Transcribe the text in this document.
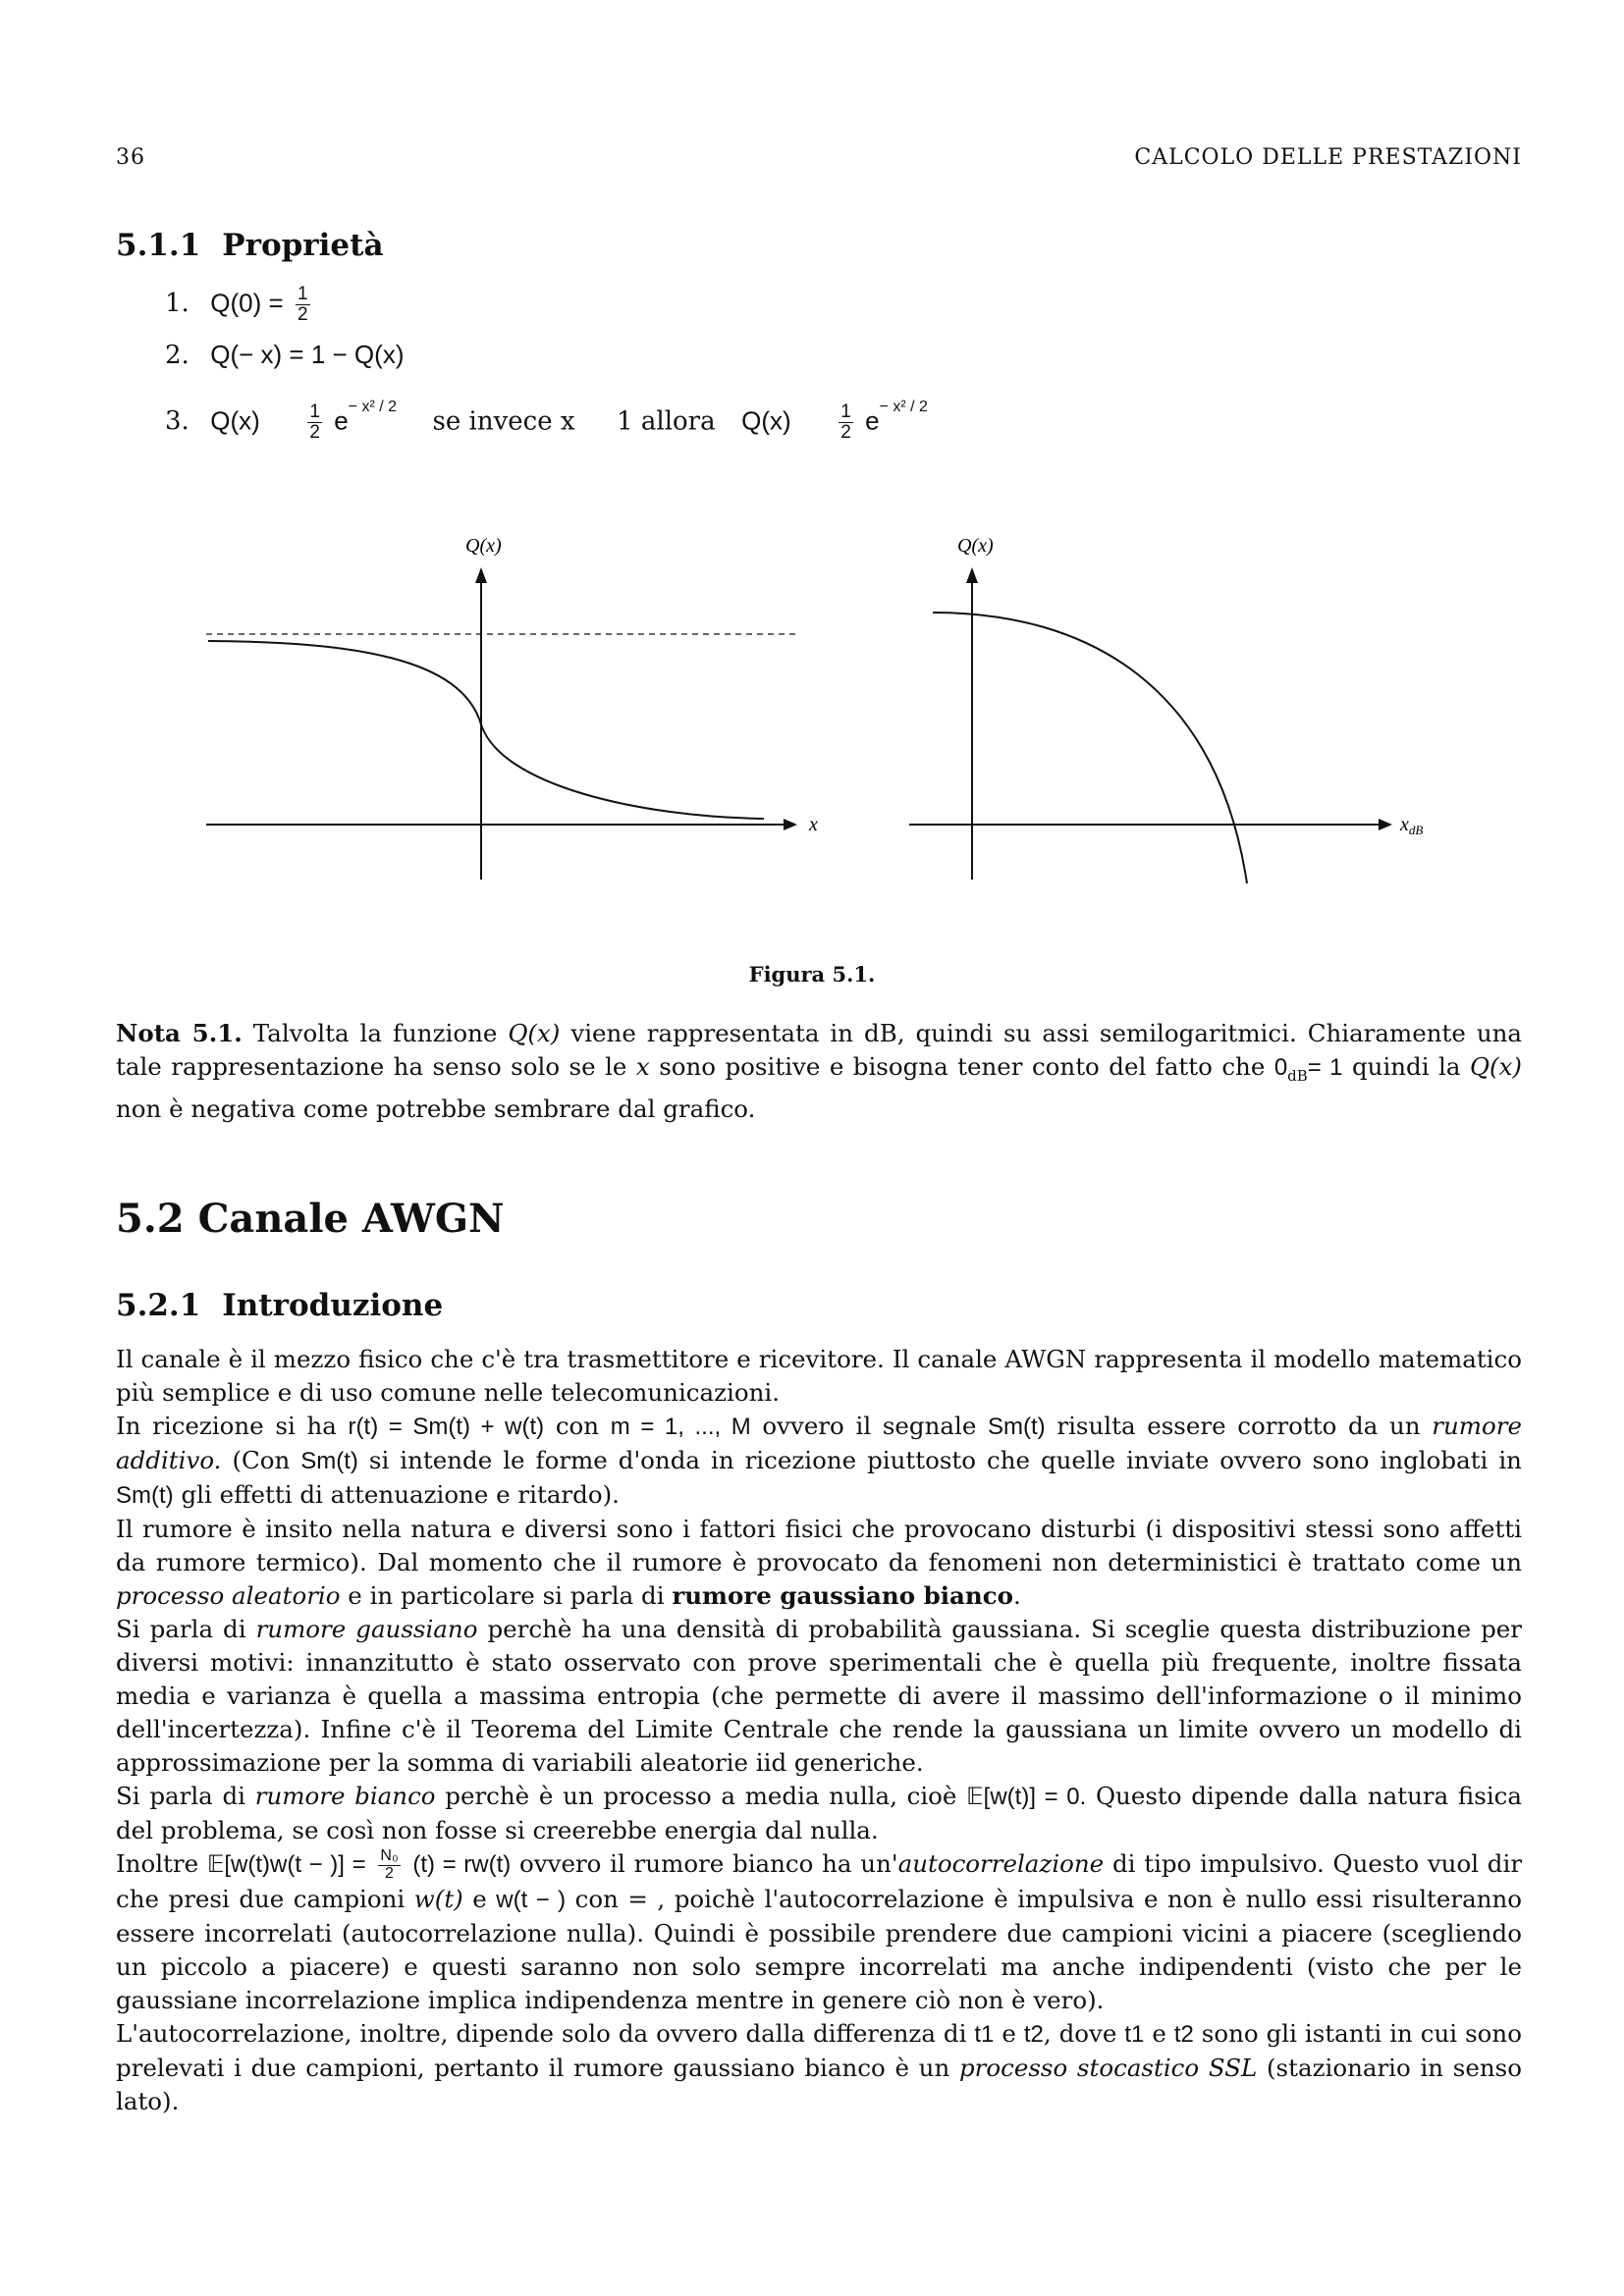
36	CALCOLO DELLE PRESTAZIONI
5.1.1 Proprietà
1. $Q(0) = \frac{1}{2}$
2. Q(− x) = 1 − Q(x)
3. Q(x)	$\frac{1}{2} e^{- x^2 / 2}$ se invece x 1 allora Q(x)	$\frac{1}{2} e^{- x^2 / 2}$
Q(x)
x
Q(x)
$x_{dB}$
Figura 5.1.

Nota 5.1. Talvolta la funzione Q(x) viene rappresentata in dB, quindi su assi semilogaritmici. Chiaramente una tale rappresentazione ha senso solo se le x sono positive e bisogna tener conto del fatto che $0_{dB}= 1$ quindi la Q(x) non è negativa come potrebbe sembrare dal grafico.

5.2 Canale AWGN
5.2.1 Introduzione

Il canale è il mezzo fisico che c'è tra trasmettitore e ricevitore. Il canale AWGN rappresenta il modello matematico più semplice e di uso comune nelle telecomunicazioni.

In ricezione si ha r(t) = Sm(t) + w(t) con m = 1, ..., M ovvero il segnale Sm(t) risulta essere corrotto da un rumore additivo. (Con Sm(t) si intende le forme d'onda in ricezione piuttosto che quelle inviate ovvero sono inglobati in Sm(t) gli effetti di attenuazione e ritardo).

Il rumore è insito nella natura e diversi sono i fattori fisici che provocano disturbi (i dispositivi stessi sono affetti da rumore termico). Dal momento che il rumore è provocato da fenomeni non deterministici è trattato come un processo aleatorio e in particolare si parla di rumore gaussiano bianco.

Si parla di rumore gaussiano perchè ha una densità di probabilità gaussiana. Si sceglie questa distribuzione per diversi motivi: innanzitutto è stato osservato con prove sperimentali che è quella più frequente, inoltre fissata media e varianza è quella a massima entropia (che permette di avere il massimo dell'informazione o il minimo dell'incertezza). Infine c'è il Teorema del Limite Centrale che rende la gaussiana un limite ovvero un modello di approssimazione per la somma di variabili aleatorie iid generiche.

Si parla di rumore bianco perchè è un processo a media nulla, cioè 𝔼[w(t)] = 0. Questo dipende dalla natura fisica del problema, se così non fosse si creerebbe energia dal nulla.

Inoltre 𝔼[w(t)w(t − )] = $\frac{\text{N₀}}{2} (t) = rw(t)$ ovvero il rumore bianco ha un'autocorrelazione di tipo impulsivo. Questo vuol dir che presi due campioni w(t) e w(t − ) con = , poichè l'autocorrelazione è impulsiva e non è nullo essi risulteranno essere incorrelati (autocorrelazione nulla). Quindi è possibile prendere due campioni vicini a piacere (scegliendo un piccolo a piacere) e questi saranno non solo sempre incorrelati ma anche indipendenti (visto che per le gaussiane incorrelazione implica indipendenza mentre in genere ciò non è vero).

L'autocorrelazione, inoltre, dipende solo da ovvero dalla differenza di t1 e t2, dove t1 e t2 sono gli istanti in cui sono prelevati i due campioni, pertanto il rumore gaussiano bianco è un processo stocastico SSL (stazionario in senso lato).
